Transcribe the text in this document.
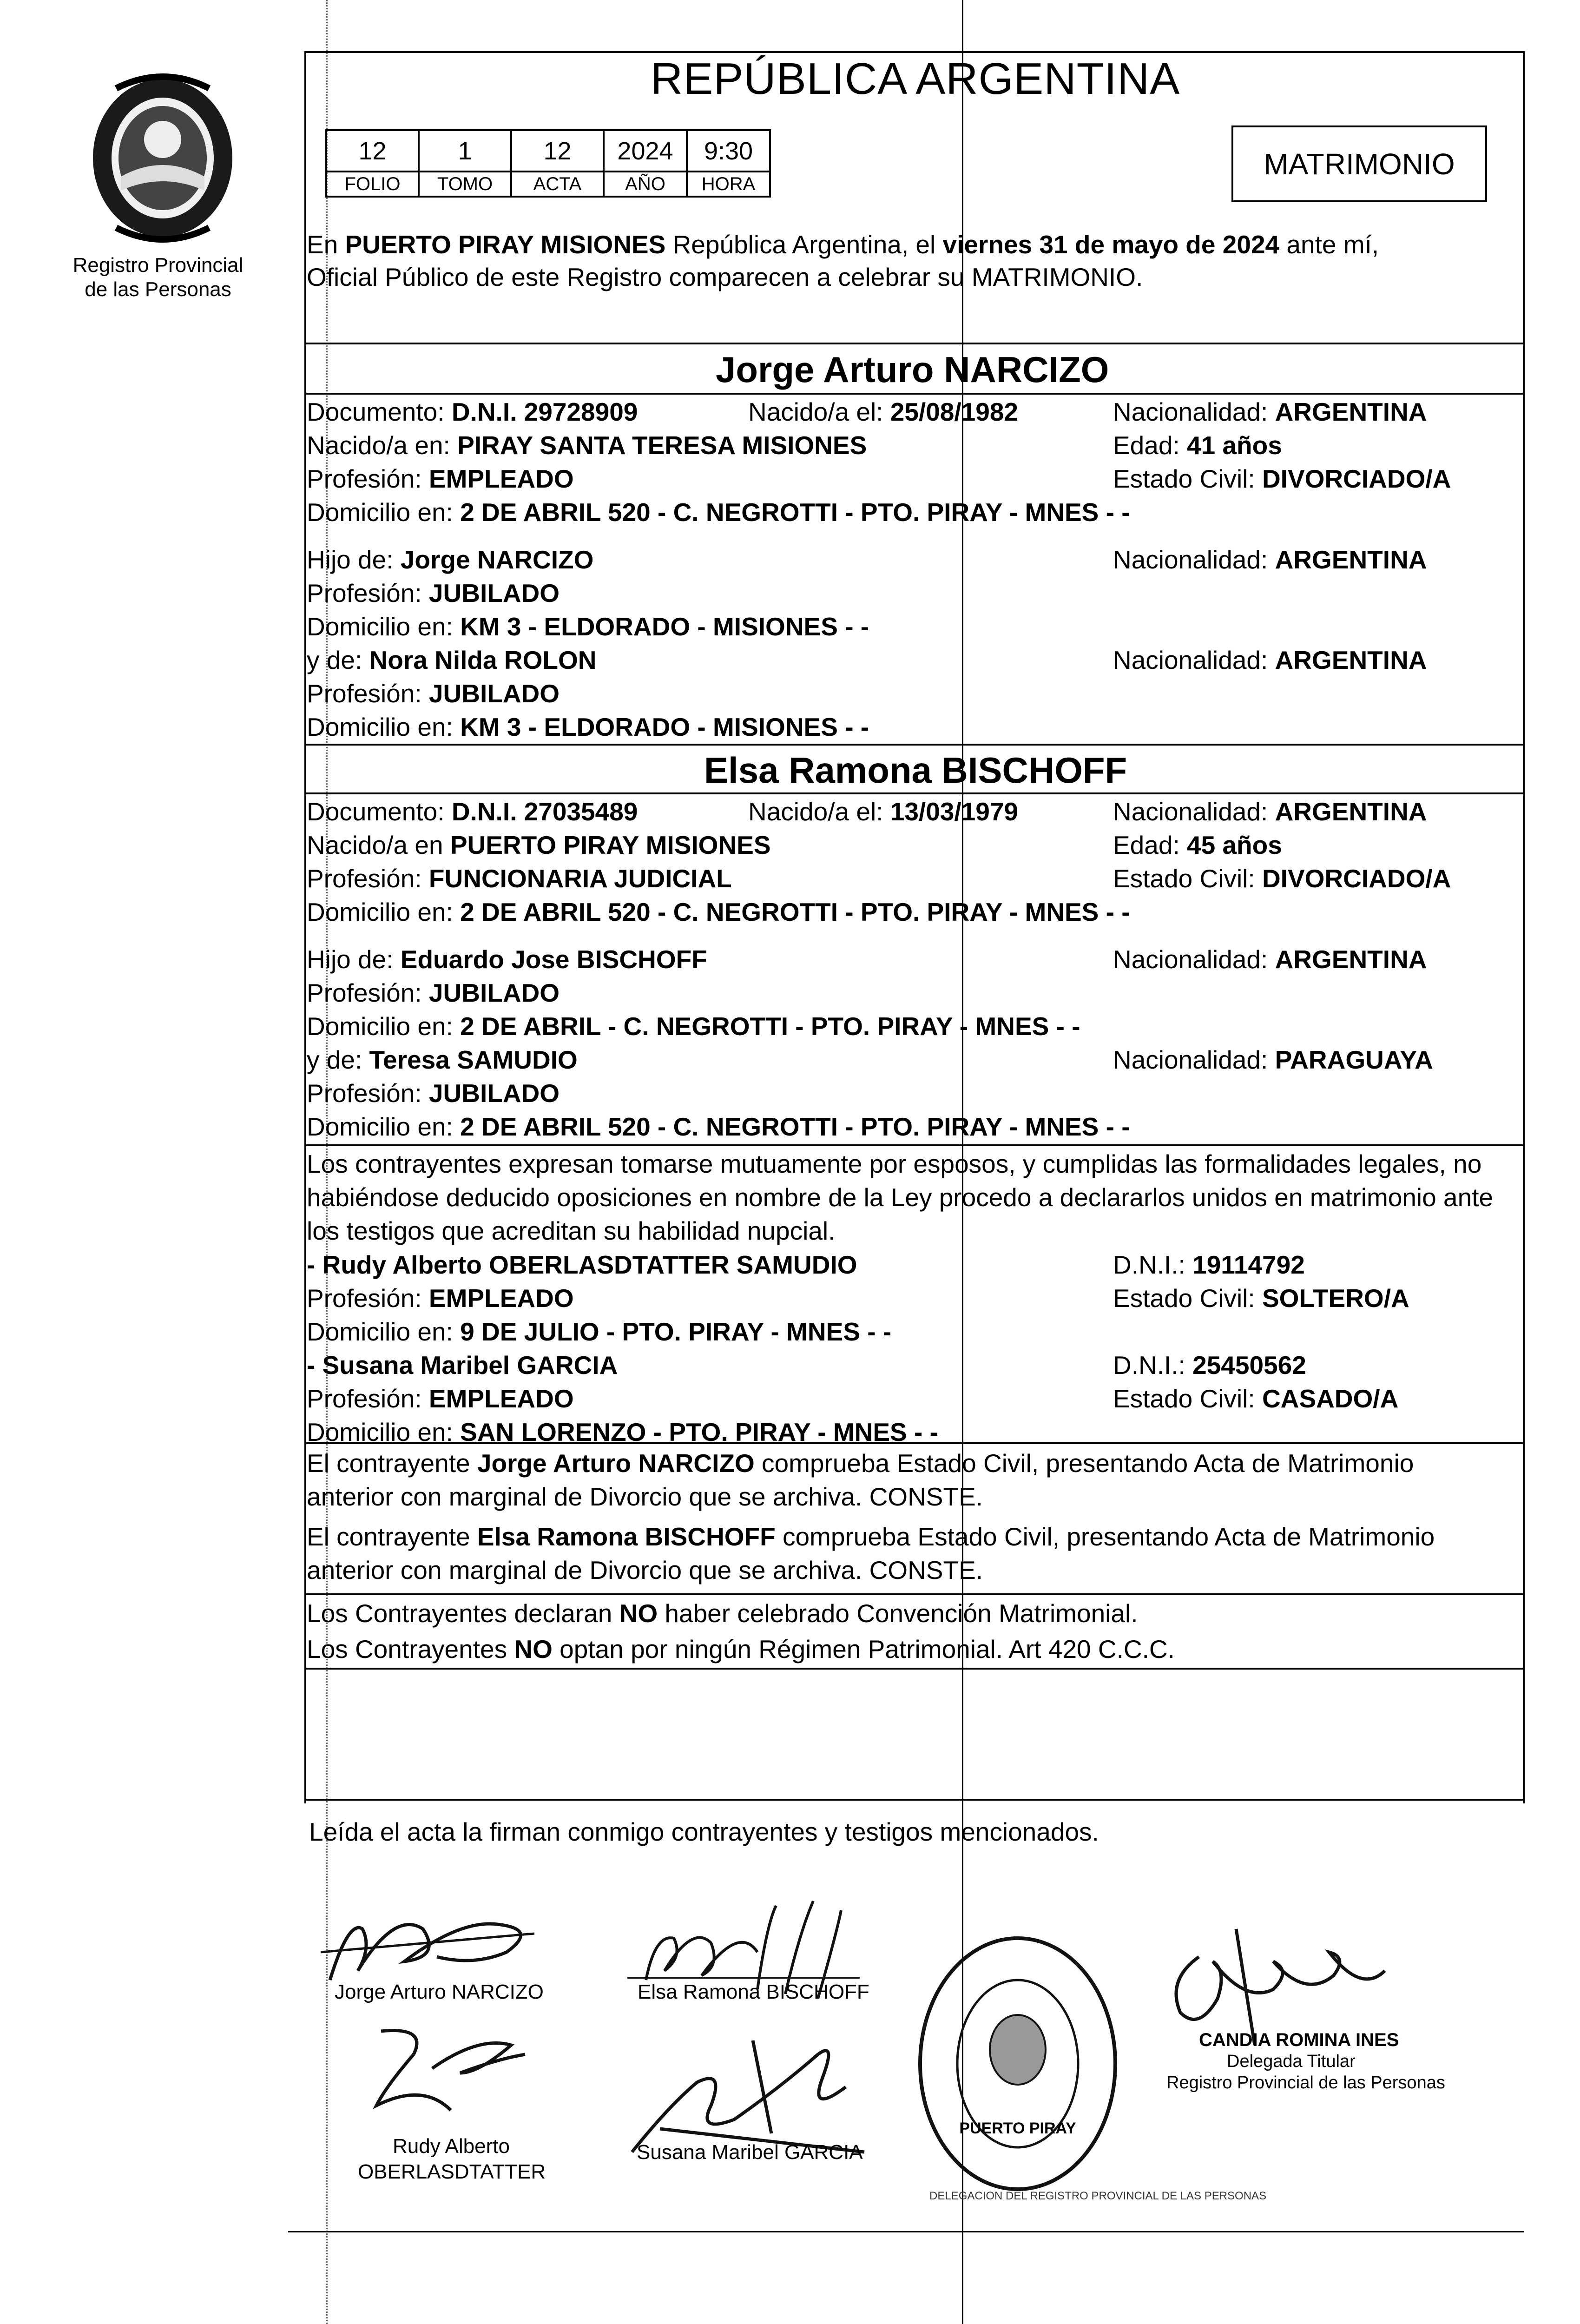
Registro Provincial
de las Personas
REPÚBLICA ARGENTINA
12	1	12	2024	9:30
FOLIO	TOMO	ACTA	AÑO	HORA
MATRIMONIO
En PUERTO PIRAY MISIONES República Argentina, el viernes 31 de mayo de 2024 ante mí,
Oficial Público de este Registro comparecen a celebrar su MATRIMONIO.
Jorge Arturo NARCIZO
Documento: D.N.I. 29728909	Nacido/a el: 25/08/1982	Nacionalidad: ARGENTINA
Nacido/a en: PIRAY SANTA TERESA MISIONES	Edad: 41 años
Profesión: EMPLEADO	Estado Civil: DIVORCIADO/A
Domicilio en: 2 DE ABRIL 520 - C. NEGROTTI - PTO. PIRAY - MNES - -
Hijo de: Jorge NARCIZO	Nacionalidad: ARGENTINA
Profesión: JUBILADO
Domicilio en: KM 3 - ELDORADO - MISIONES - -
y de: Nora Nilda ROLON	Nacionalidad: ARGENTINA
Profesión: JUBILADO
Domicilio en: KM 3 - ELDORADO - MISIONES - -
Elsa Ramona BISCHOFF
Documento: D.N.I. 27035489	Nacido/a el: 13/03/1979	Nacionalidad: ARGENTINA
Nacido/a en PUERTO PIRAY MISIONES	Edad: 45 años
Profesión: FUNCIONARIA JUDICIAL	Estado Civil: DIVORCIADO/A
Domicilio en: 2 DE ABRIL 520 - C. NEGROTTI - PTO. PIRAY - MNES - -
Hijo de: Eduardo Jose BISCHOFF	Nacionalidad: ARGENTINA
Profesión: JUBILADO
Domicilio en: 2 DE ABRIL - C. NEGROTTI - PTO. PIRAY - MNES - -
y de: Teresa SAMUDIO	Nacionalidad: PARAGUAYA
Profesión: JUBILADO
Domicilio en: 2 DE ABRIL 520 - C. NEGROTTI - PTO. PIRAY - MNES - -
Los contrayentes expresan tomarse mutuamente por esposos, y cumplidas las formalidades legales, no
habiéndose deducido oposiciones en nombre de la Ley procedo a declararlos unidos en matrimonio ante
los testigos que acreditan su habilidad nupcial.
- Rudy Alberto OBERLASDTATTER SAMUDIO	D.N.I.: 19114792
Profesión: EMPLEADO	Estado Civil: SOLTERO/A
Domicilio en: 9 DE JULIO - PTO. PIRAY - MNES - -
- Susana Maribel GARCIA	D.N.I.: 25450562
Profesión: EMPLEADO	Estado Civil: CASADO/A
Domicilio en: SAN LORENZO - PTO. PIRAY - MNES - -
El contrayente Jorge Arturo NARCIZO comprueba Estado Civil, presentando Acta de Matrimonio
anterior con marginal de Divorcio que se archiva. CONSTE.
El contrayente Elsa Ramona BISCHOFF comprueba Estado Civil, presentando Acta de Matrimonio
anterior con marginal de Divorcio que se archiva. CONSTE.
Los Contrayentes declaran NO haber celebrado Convención Matrimonial.
Los Contrayentes NO optan por ningún Régimen Patrimonial. Art 420 C.C.C.
Leída el acta la firman conmigo contrayentes y testigos mencionados.
Jorge Arturo NARCIZO	Elsa Ramona BISCHOFF
Rudy Alberto
OBERLASDTATTER
Susana Maribel GARCIA
PUERTO PIRAY
DELEGACION DEL REGISTRO PROVINCIAL DE LAS PERSONAS
CANDIA ROMINA INES
Delegada Titular
Registro Provincial de las Personas
